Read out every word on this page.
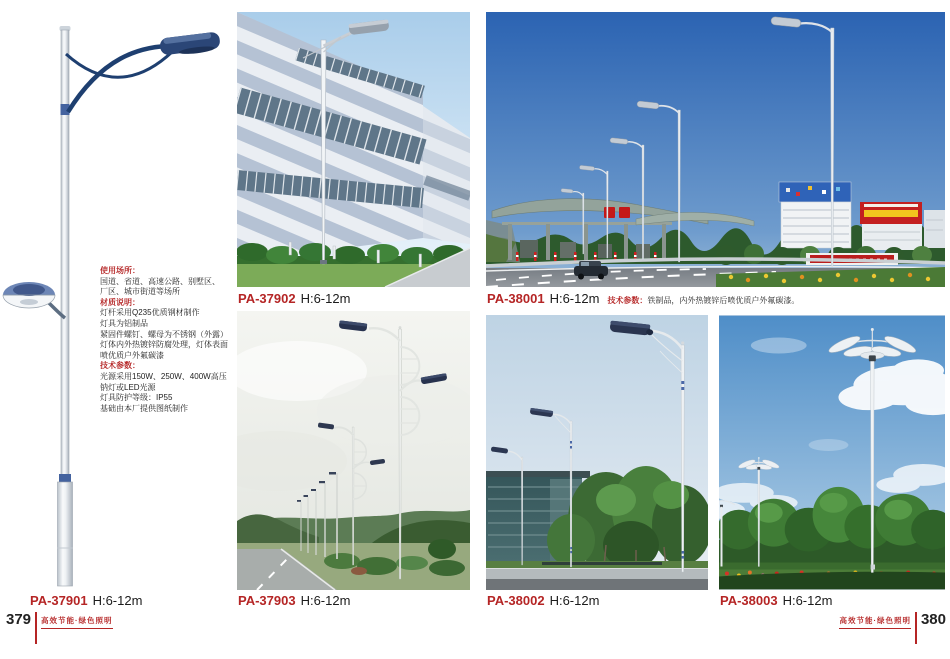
使用场所：
国道、省道、高速公路、别墅区、
厂区、城市街道等场所
材质说明：
灯杆采用Q235优质钢材制作
灯具为铝制品
紧固件螺钉、螺母为不锈钢（外露）
灯体内外热镀锌防腐处理，灯体表面
喷优质户外氟碳漆
技术参数：
光源采用150W、250W、400W高压
钠灯或LED光源
灯具防护等级：IP55
基础由本厂提供图纸制作
PA-37901 H:6-12m
PA-37902 H:6-12m
PA-37903 H:6-12m
PA-38001 H:6-12m 技术参数：铁制品，内外热镀锌后喷优质户外氟碳漆。
PA-38002 H:6-12m	PA-38003 H:6-12m
379 高效节能·绿色照明	高效节能·绿色照明 380
